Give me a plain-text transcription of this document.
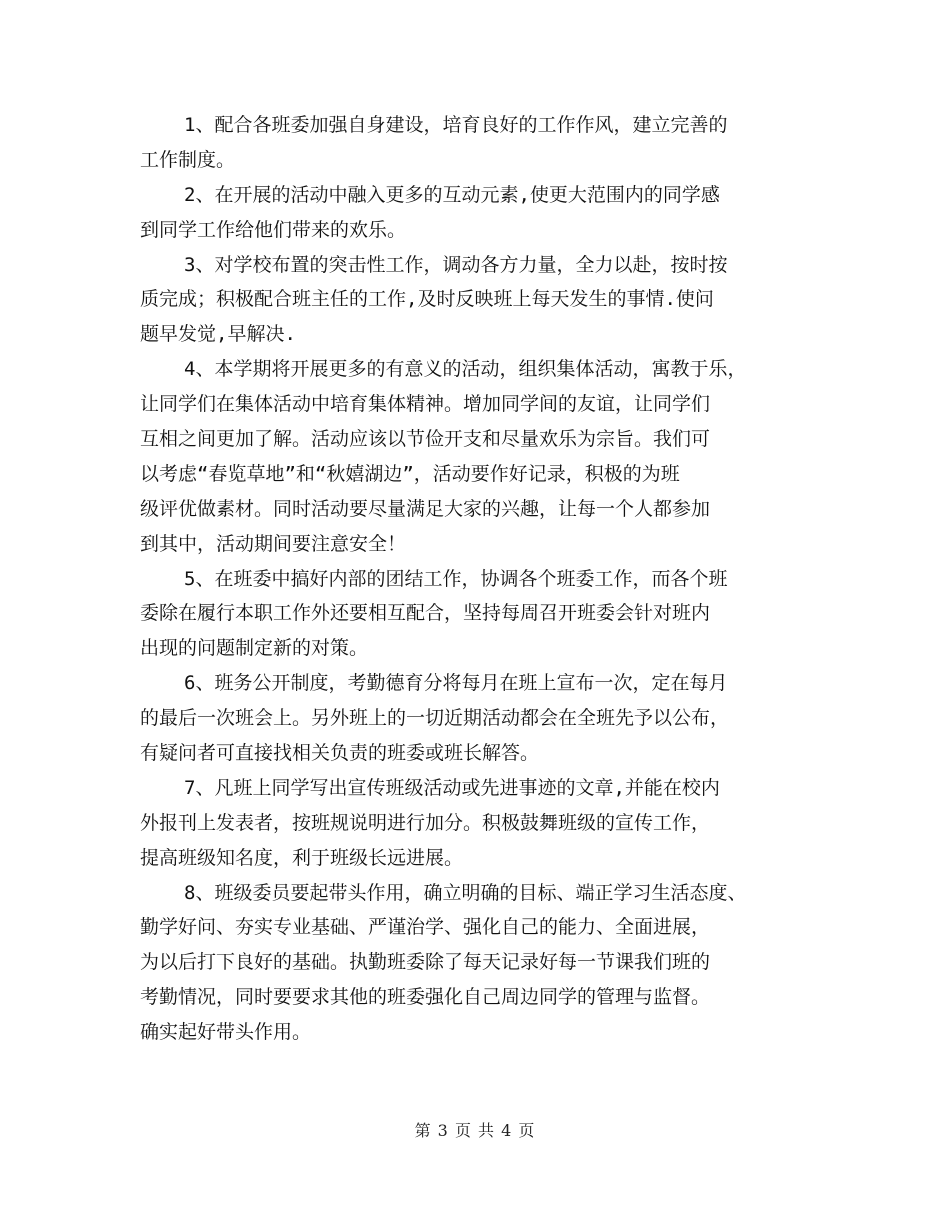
1、配合各班委加强自身建设，培育良好的工作作风，建立完善的
工作制度。
2、在开展的活动中融入更多的互动元素,使更大范围内的同学感
到同学工作给他们带来的欢乐。
3、对学校布置的突击性工作，调动各方力量，全力以赴，按时按
质完成；积极配合班主任的工作,及时反映班上每天发生的事情.使问
题早发觉,早解决.
4、本学期将开展更多的有意义的活动，组织集体活动，寓教于乐，
让同学们在集体活动中培育集体精神。增加同学间的友谊，让同学们
互相之间更加了解。活动应该以节俭开支和尽量欢乐为宗旨。我们可
以考虑“春览草地”和“秋嬉湖边”，活动要作好记录，积极的为班
级评优做素材。同时活动要尽量满足大家的兴趣，让每一个人都参加
到其中，活动期间要注意安全！
5、在班委中搞好内部的团结工作，协调各个班委工作，而各个班
委除在履行本职工作外还要相互配合，坚持每周召开班委会针对班内
出现的问题制定新的对策。
6、班务公开制度，考勤德育分将每月在班上宣布一次，定在每月
的最后一次班会上。另外班上的一切近期活动都会在全班先予以公布，
有疑问者可直接找相关负责的班委或班长解答。
7、凡班上同学写出宣传班级活动或先进事迹的文章,并能在校内
外报刊上发表者，按班规说明进行加分。积极鼓舞班级的宣传工作，
提高班级知名度，利于班级长远进展。
8、班级委员要起带头作用，确立明确的目标、端正学习生活态度、
勤学好问、夯实专业基础、严谨治学、强化自己的能力、全面进展，
为以后打下良好的基础。执勤班委除了每天记录好每一节课我们班的
考勤情况，同时要要求其他的班委强化自己周边同学的管理与监督。
确实起好带头作用。
第 3 页 共 4 页
